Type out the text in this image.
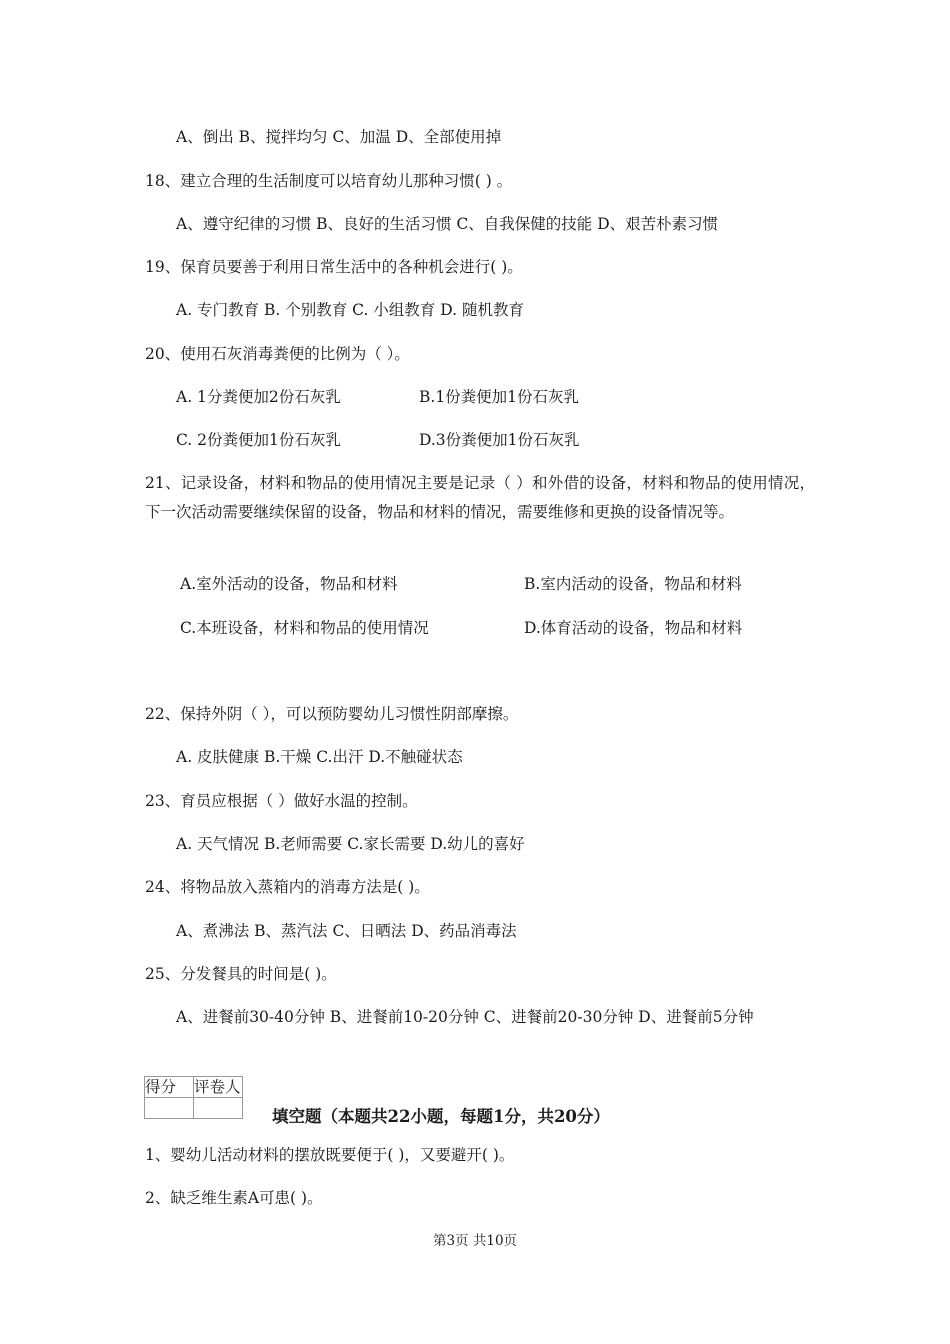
A、倒出 B、搅拌均匀 C、加温 D、全部使用掉
18、建立合理的生活制度可以培育幼儿那种习惯( ) 。
A、遵守纪律的习惯 B、良好的生活习惯 C、自我保健的技能 D、艰苦朴素习惯
19、保育员要善于利用日常生活中的各种机会进行( )。
A. 专门教育 B. 个别教育 C. 小组教育 D. 随机教育
20、使用石灰消毒粪便的比例为（ ）。
A. 1分粪便加2份石灰乳	B.1份粪便加1份石灰乳
C. 2份粪便加1份石灰乳	D.3份粪便加1份石灰乳
21、记录设备，材料和物品的使用情况主要是记录（ ）和外借的设备，材料和物品的使用情况，下一次活动需要继续保留的设备，物品和材料的情况，需要维修和更换的设备情况等。
A.室外活动的设备，物品和材料	B.室内活动的设备，物品和材料
C.本班设备，材料和物品的使用情况	D.体育活动的设备，物品和材料
22、保持外阴（ ），可以预防婴幼儿习惯性阴部摩擦。
A. 皮肤健康 B.干燥 C.出汗 D.不触碰状态
23、育员应根据（ ）做好水温的控制。
A. 天气情况 B.老师需要 C.家长需要 D.幼儿的喜好
24、将物品放入蒸箱内的消毒方法是( )。
A、煮沸法 B、蒸汽法 C、日晒法 D、药品消毒法
25、分发餐具的时间是( )。
A、进餐前30-40分钟 B、进餐前10-20分钟 C、进餐前20-30分钟 D、进餐前5分钟
得分	评卷人

填空题（本题共22小题，每题1分，共20分）
1、婴幼儿活动材料的摆放既要便于( )，又要避开( )。
2、缺乏维生素A可患( )。
第3页 共10页
